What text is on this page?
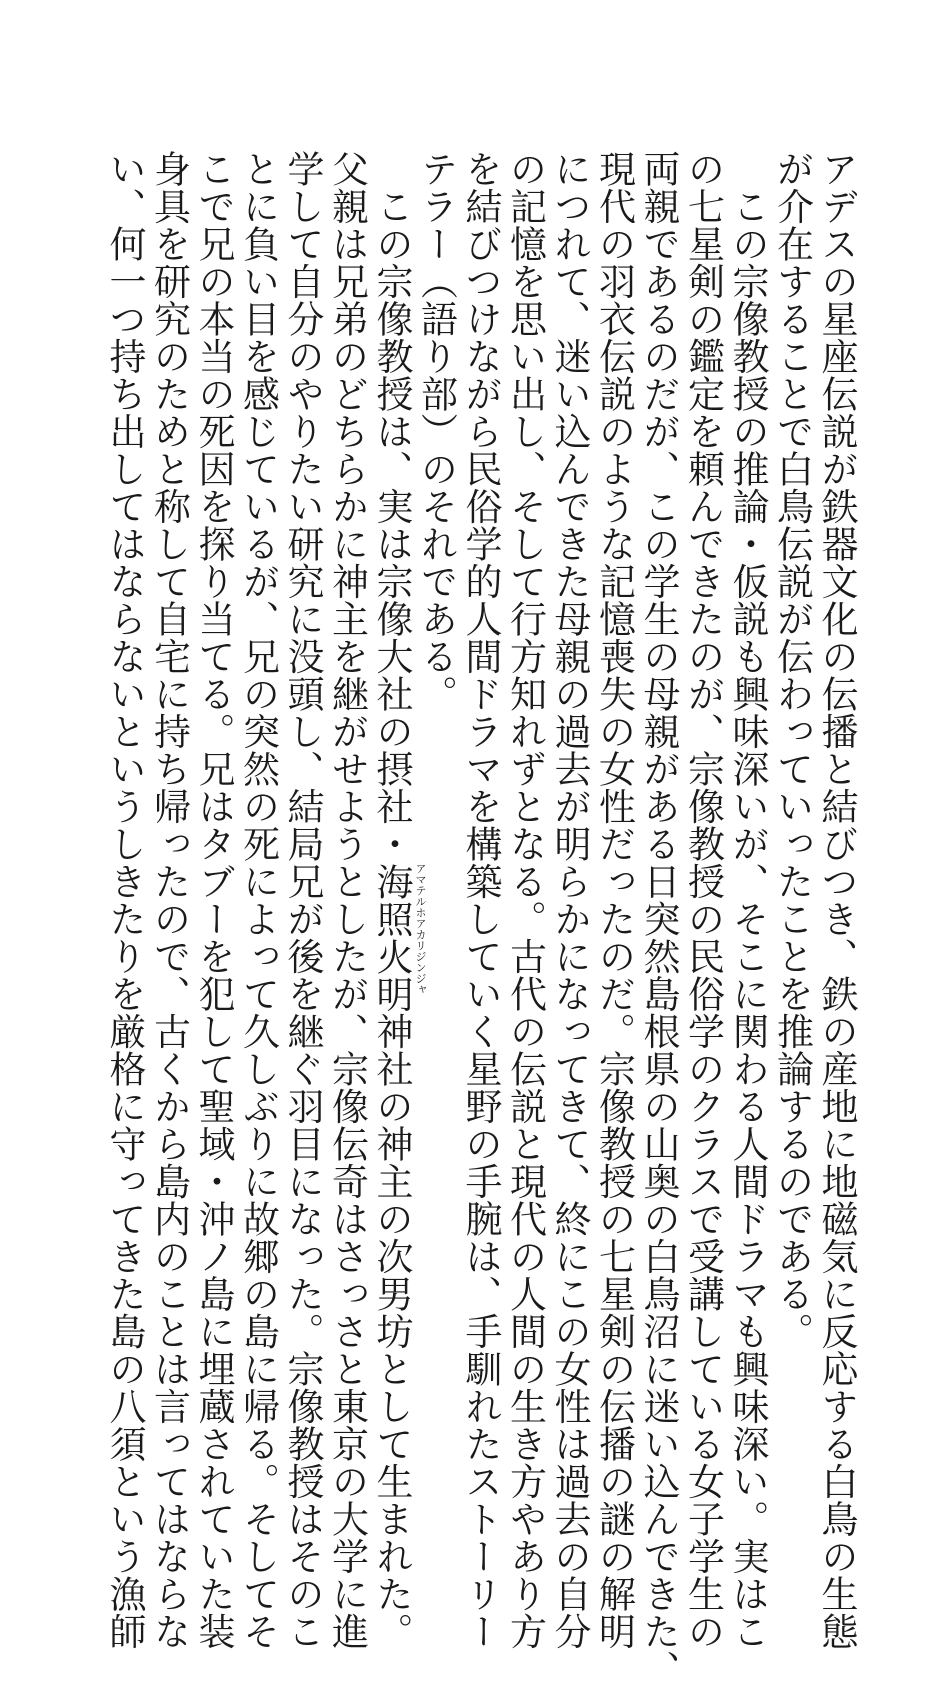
アデスの星座伝説が鉄器文化の伝播と結びつき、鉄の産地に地磁気に反応する白鳥の生態
が介在することで白鳥伝説が伝わっていったことを推論するのである。
　この宗像教授の推論・仮説も興味深いが、そこに関わる人間ドラマも興味深い。実はこ
の七星剣の鑑定を頼んできたのが、宗像教授の民俗学のクラスで受講している女子学生の
両親であるのだが、この学生の母親がある日突然島根県の山奥の白鳥沼に迷い込んできた、
現代の羽衣伝説のような記憶喪失の女性だったのだ。宗像教授の七星剣の伝播の謎の解明
につれて、迷い込んできた母親の過去が明らかになってきて、終にこの女性は過去の自分
の記憶を思い出し、そして行方知れずとなる。古代の伝説と現代の人間の生き方やあり方
を結びつけながら民俗学的人間ドラマを構築していく星野の手腕は、手馴れたストーリー
テラー（語り部）のそれである。
　この宗像教授は、実は宗像大社の摂社・海照火明 アマテルホアカリジンジャ
神社の神主の次男坊として生まれた。
父親は兄弟のどちらかに神主を継がせようとしたが、宗像伝奇はさっさと東京の大学に進
学して自分のやりたい研究に没頭し、結局兄が後を継ぐ羽目になった。宗像教授はそのこ
とに負い目を感じているが、兄の突然の死によって久しぶりに故郷の島に帰る。そしてそ
こで兄の本当の死因を探り当てる。兄はタブーを犯して聖域・沖ノ島に埋蔵されていた装
身具を研究のためと称して自宅に持ち帰ったので、古くから島内のことは言ってはならな
い、何一つ持ち出してはならないというしきたりを厳格に守ってきた島の八須という漁師
